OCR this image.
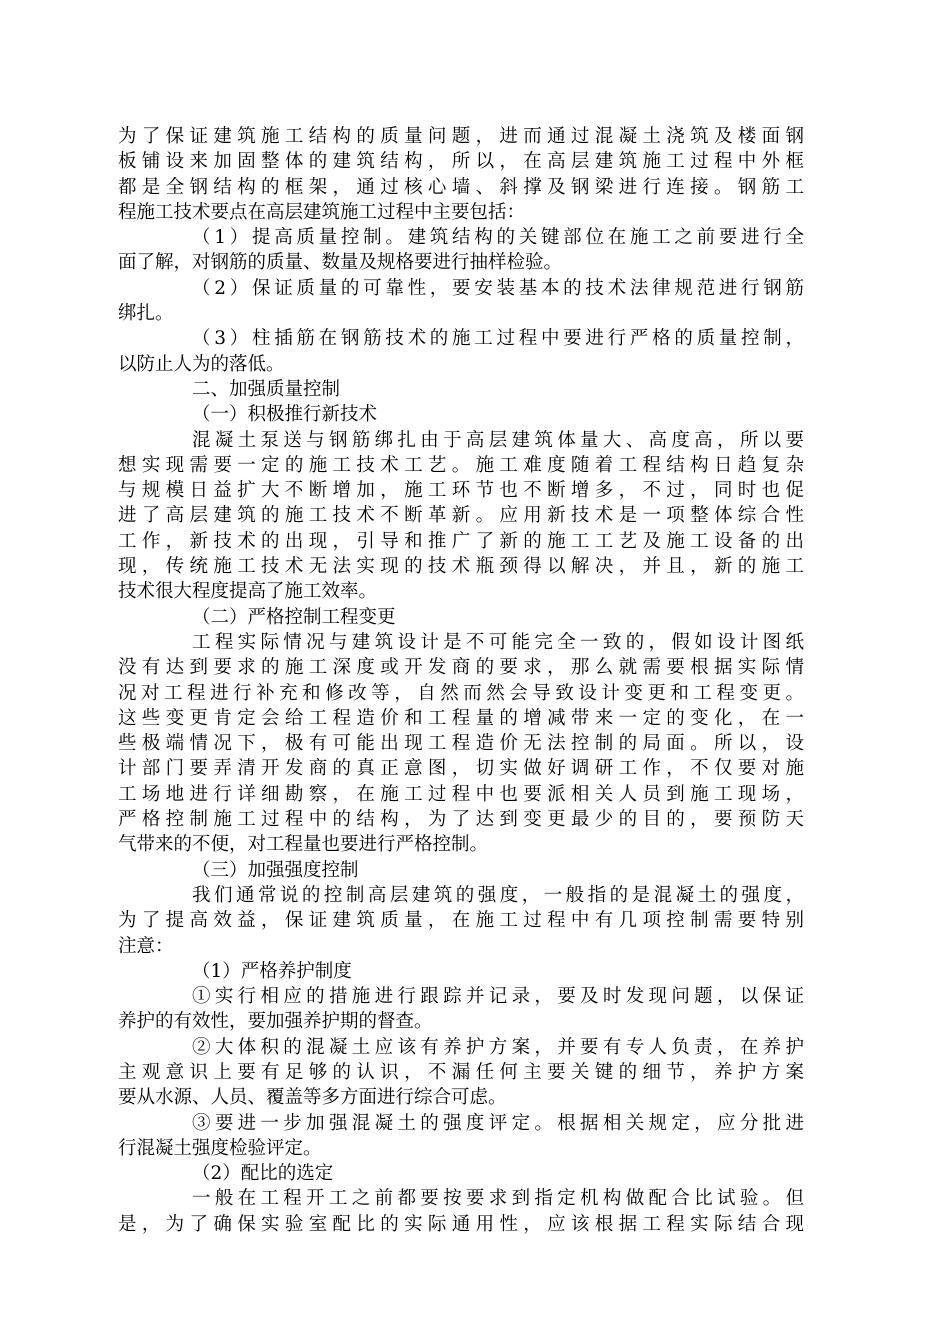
为了保证建筑施工结构的质量问题，进而通过混凝土浇筑及楼面钢
板铺设来加固整体的建筑结构，所以，在高层建筑施工过程中外框
都是全钢结构的框架，通过核心墙、斜撑及钢梁进行连接。钢筋工
程施工技术要点在高层建筑施工过程中主要包括：
（1）提高质量控制。建筑结构的关键部位在施工之前要进行全
面了解，对钢筋的质量、数量及规格要进行抽样检验。
（2）保证质量的可靠性，要安装基本的技术法律规范进行钢筋
绑扎。
（3）柱插筋在钢筋技术的施工过程中要进行严格的质量控制，
以防止人为的落低。
二、加强质量控制
（一）积极推行新技术
混凝土泵送与钢筋绑扎由于高层建筑体量大、高度高，所以要
想实现需要一定的施工技术工艺。施工难度随着工程结构日趋复杂
与规模日益扩大不断增加，施工环节也不断增多，不过，同时也促
进了高层建筑的施工技术不断革新。应用新技术是一项整体综合性
工作，新技术的出现，引导和推广了新的施工工艺及施工设备的出
现，传统施工技术无法实现的技术瓶颈得以解决，并且，新的施工
技术很大程度提高了施工效率。
（二）严格控制工程变更
工程实际情况与建筑设计是不可能完全一致的，假如设计图纸
没有达到要求的施工深度或开发商的要求，那么就需要根据实际情
况对工程进行补充和修改等，自然而然会导致设计变更和工程变更。
这些变更肯定会给工程造价和工程量的增减带来一定的变化，在一
些极端情况下，极有可能出现工程造价无法控制的局面。所以，设
计部门要弄清开发商的真正意图，切实做好调研工作，不仅要对施
工场地进行详细勘察，在施工过程中也要派相关人员到施工现场，
严格控制施工过程中的结构，为了达到变更最少的目的，要预防天
气带来的不便，对工程量也要进行严格控制。
（三）加强强度控制
我们通常说的控制高层建筑的强度，一般指的是混凝土的强度，
为了提高效益，保证建筑质量，在施工过程中有几项控制需要特别
注意：
（1）严格养护制度
①实行相应的措施进行跟踪并记录，要及时发现问题，以保证
养护的有效性，要加强养护期的督查。
②大体积的混凝土应该有养护方案，并要有专人负责，在养护
主观意识上要有足够的认识，不漏任何主要关键的细节，养护方案
要从水源、人员、覆盖等多方面进行综合可虑。
③要进一步加强混凝土的强度评定。根据相关规定，应分批进
行混凝土强度检验评定。
（2）配比的选定
一般在工程开工之前都要按要求到指定机构做配合比试验。但
是，为了确保实验室配比的实际通用性，应该根据工程实际结合现
